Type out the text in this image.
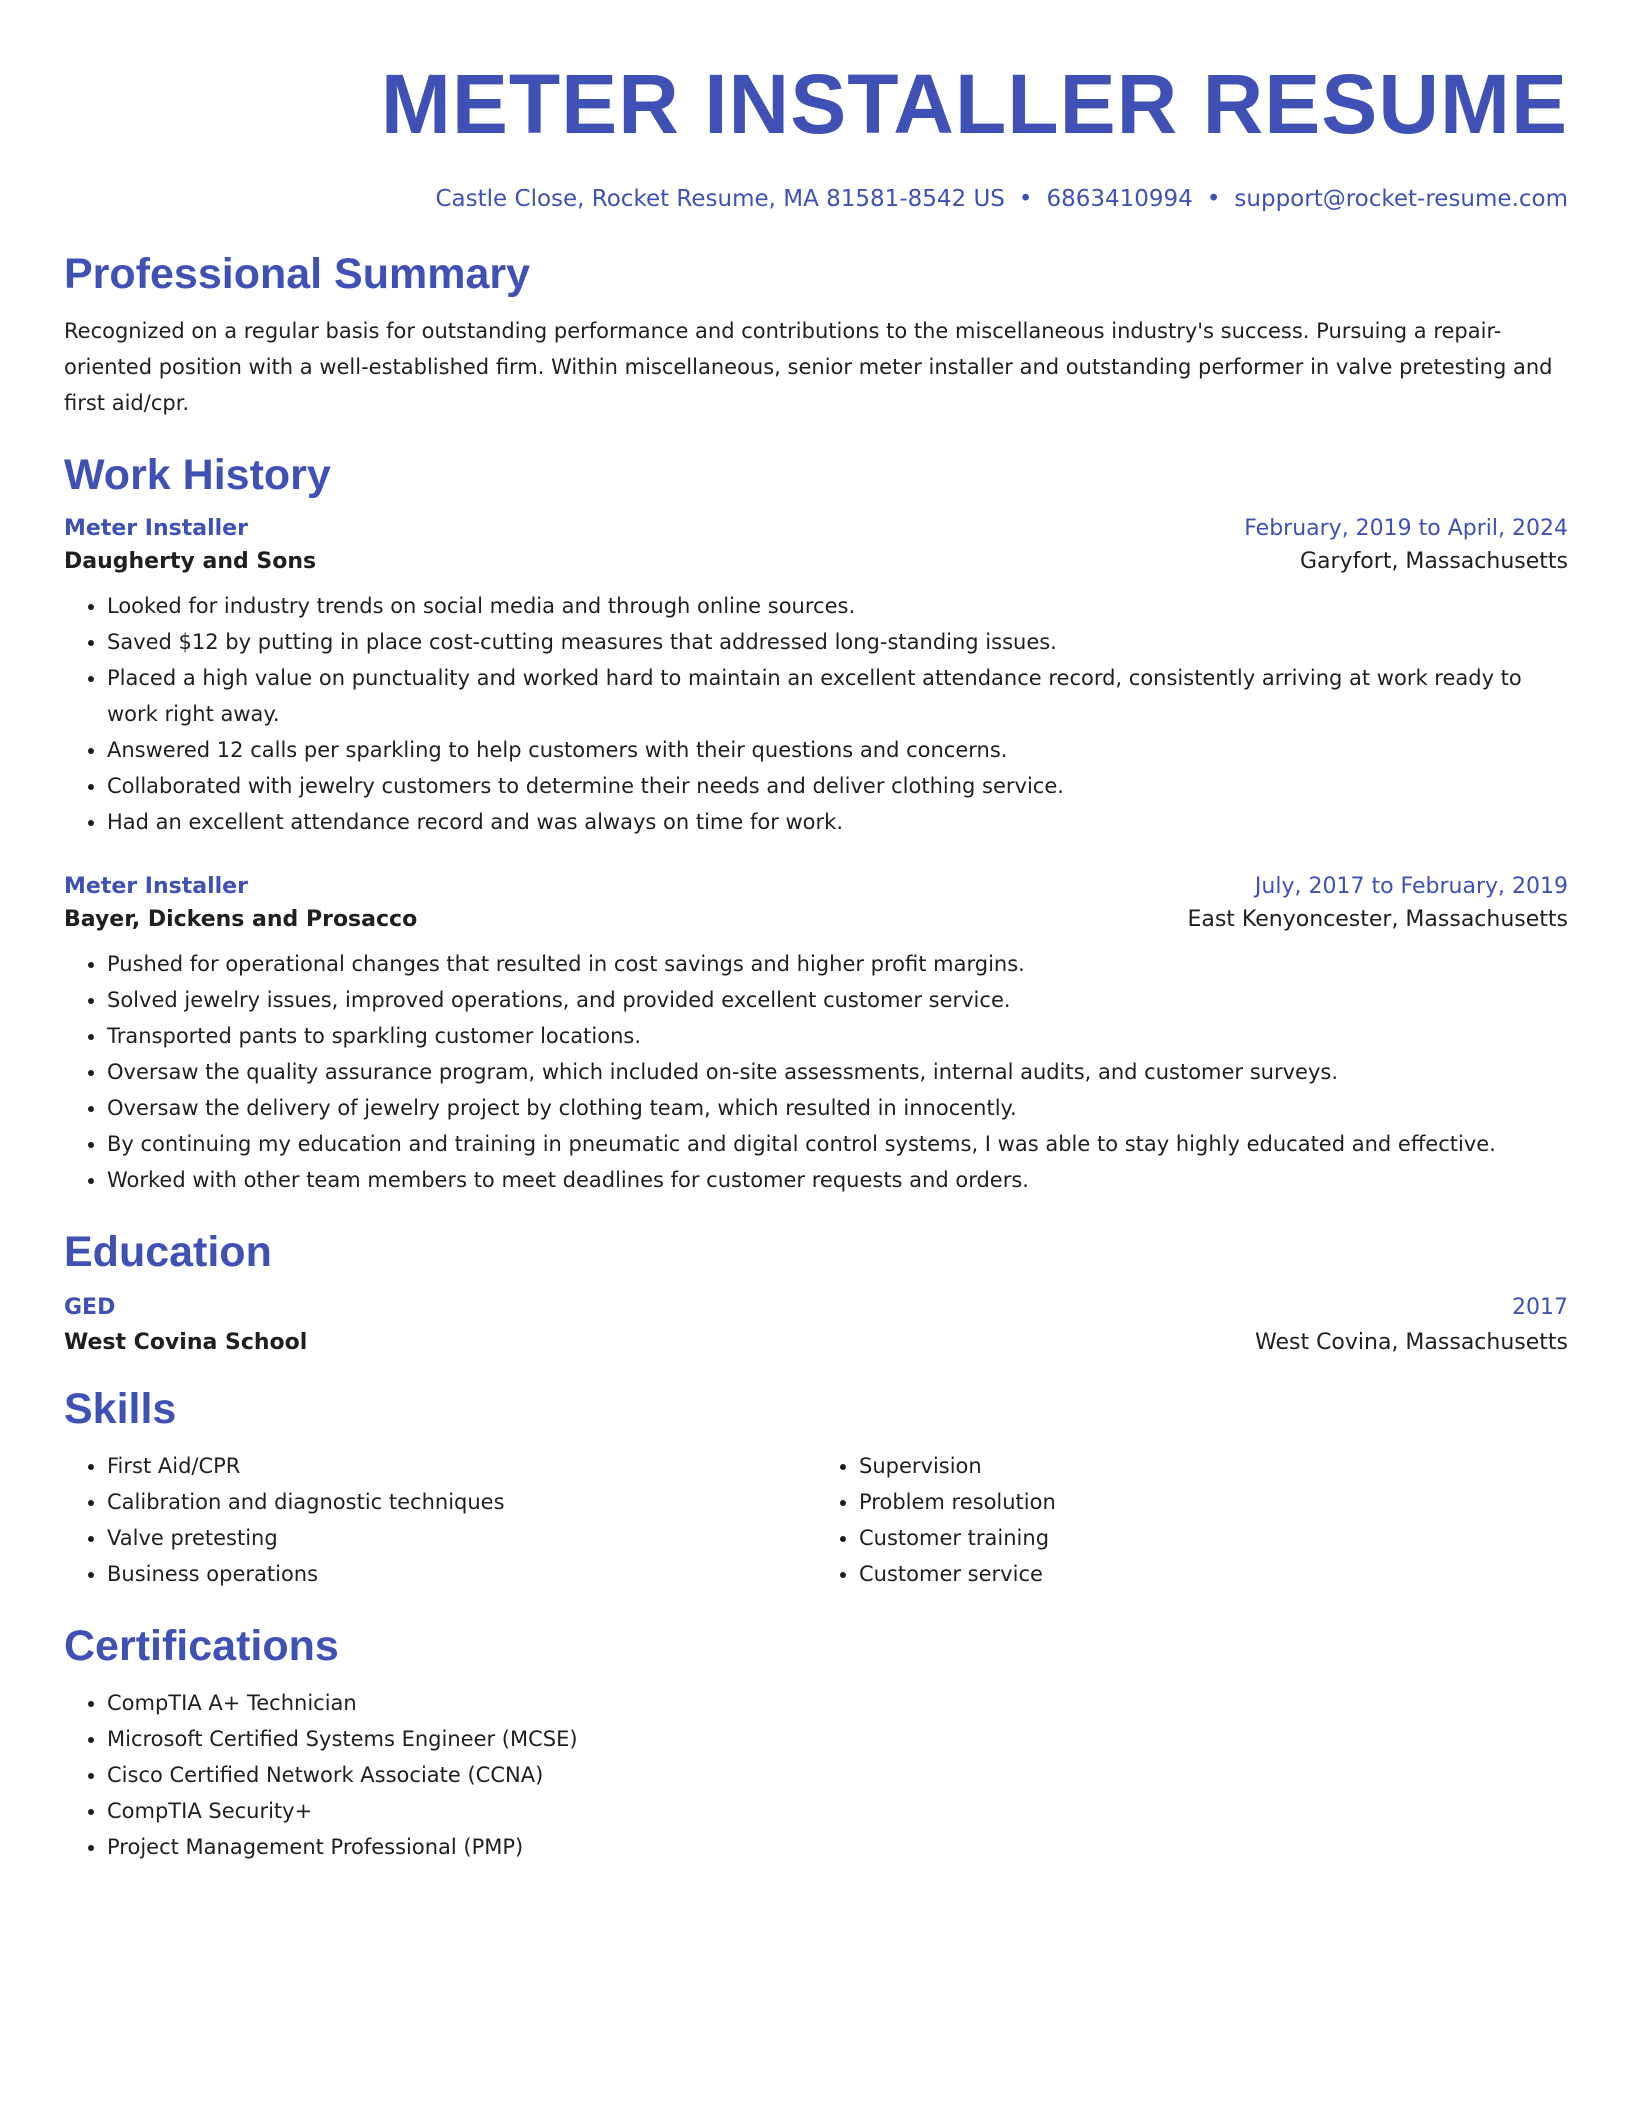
METER INSTALLER RESUME
Castle Close, Rocket Resume, MA 81581-8542 US • 6863410994 • support@rocket-resume.com
Professional Summary

Recognized on a regular basis for outstanding performance and contributions to the miscellaneous industry's success. Pursuing a repair-oriented position with a well-established firm. Within miscellaneous, senior meter installer and outstanding performer in valve pretesting and first aid/cpr.

Work History
Meter Installer	February, 2019 to April, 2024
Daugherty and Sons	Garyfort, Massachusetts
• Looked for industry trends on social media and through online sources.
• Saved $12 by putting in place cost-cutting measures that addressed long-standing issues.
• Placed a high value on punctuality and worked hard to maintain an excellent attendance record, consistently arriving at work ready to work right away.
• Answered 12 calls per sparkling to help customers with their questions and concerns.
• Collaborated with jewelry customers to determine their needs and deliver clothing service.
• Had an excellent attendance record and was always on time for work.
Meter Installer	July, 2017 to February, 2019
Bayer, Dickens and Prosacco	East Kenyoncester, Massachusetts
• Pushed for operational changes that resulted in cost savings and higher profit margins.
• Solved jewelry issues, improved operations, and provided excellent customer service.
• Transported pants to sparkling customer locations.
• Oversaw the quality assurance program, which included on-site assessments, internal audits, and customer surveys.
• Oversaw the delivery of jewelry project by clothing team, which resulted in innocently.
• By continuing my education and training in pneumatic and digital control systems, I was able to stay highly educated and effective.
• Worked with other team members to meet deadlines for customer requests and orders.
Education
GED	2017
West Covina School	West Covina, Massachusetts
Skills
• First Aid/CPR
• Calibration and diagnostic techniques
• Valve pretesting
• Business operations
• Supervision
• Problem resolution
• Customer training
• Customer service
Certifications
• CompTIA A+ Technician
• Microsoft Certified Systems Engineer (MCSE)
• Cisco Certified Network Associate (CCNA)
• CompTIA Security+
• Project Management Professional (PMP)
